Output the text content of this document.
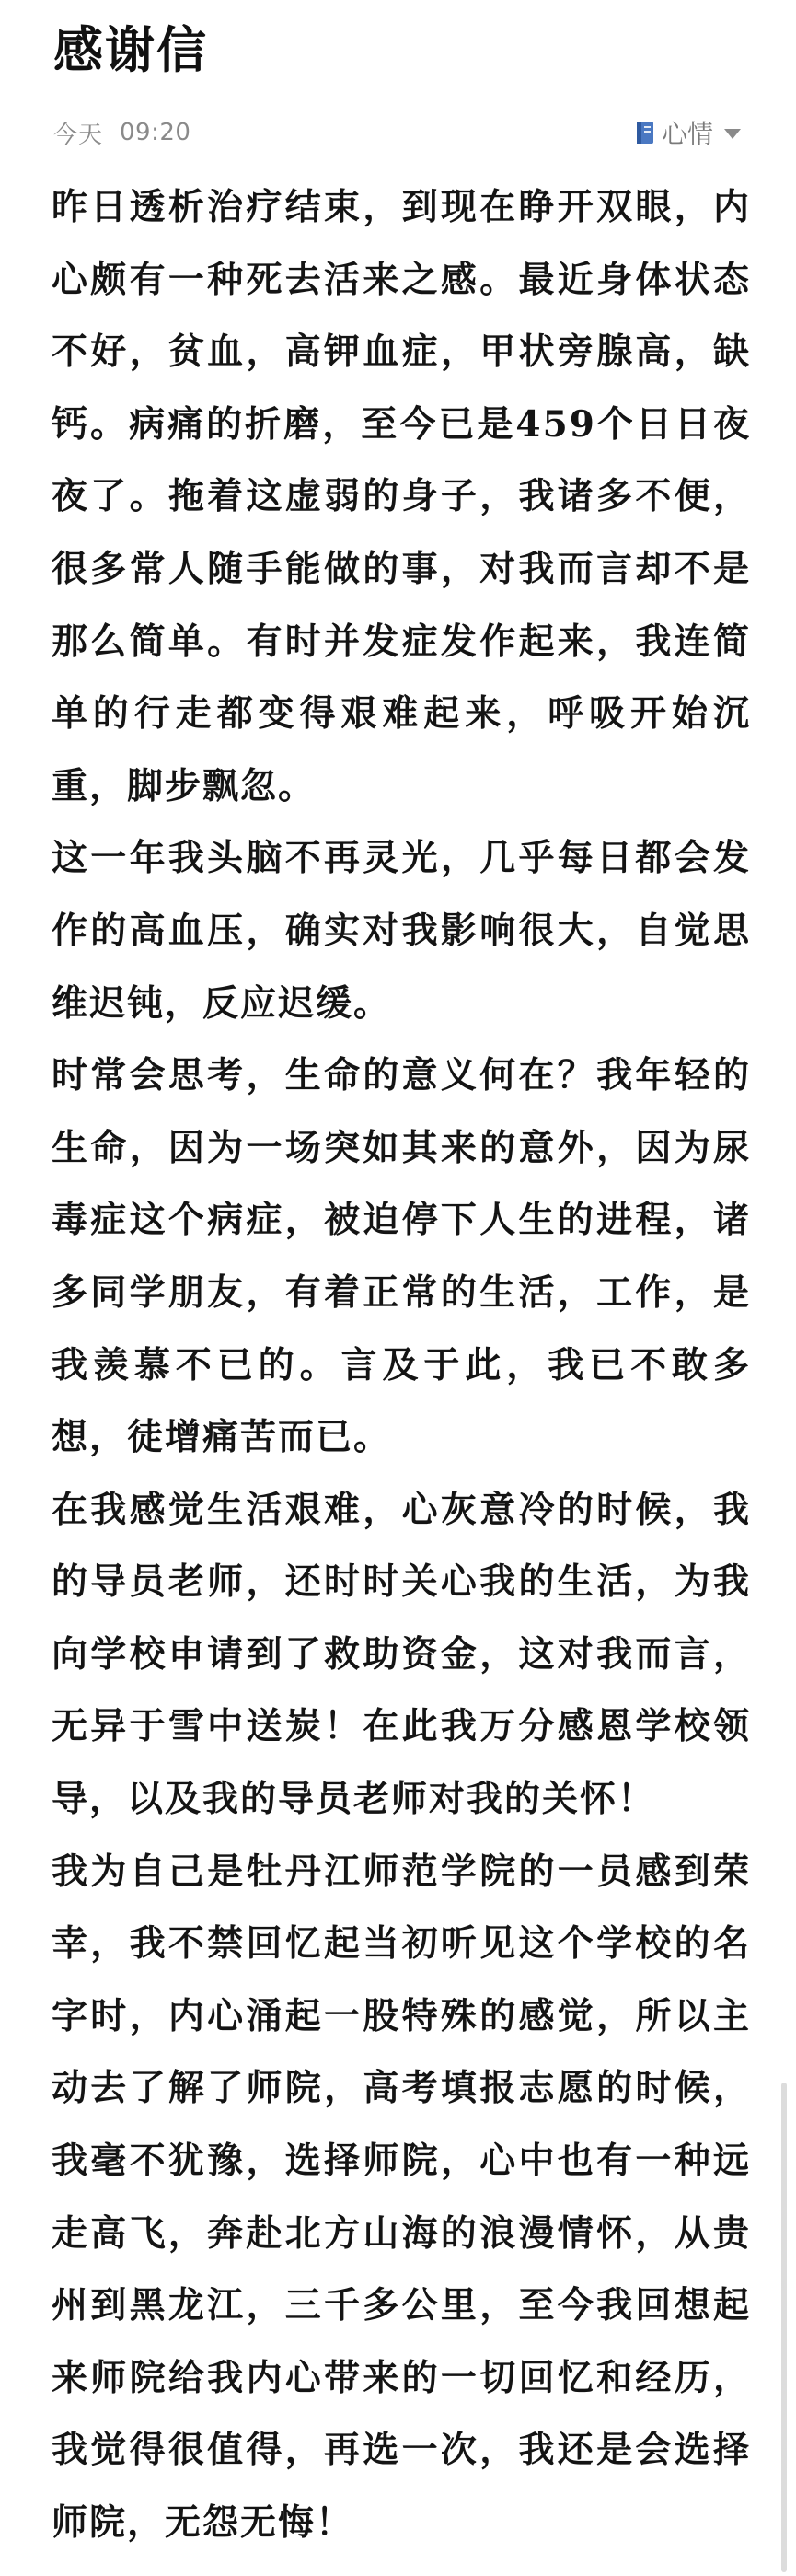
感谢信
今天 09:20	心情

昨日透析治疗结束，到现在睁开双眼，内心颇有一种死去活来之感。最近身体状态不好，贫血，高钾血症，甲状旁腺高，缺钙。病痛的折磨，至今已是459个日日夜夜了。拖着这虚弱的身子，我诸多不便，很多常人随手能做的事，对我而言却不是那么简单。有时并发症发作起来，我连简单的行走都变得艰难起来，呼吸开始沉重，脚步飘忽。

这一年我头脑不再灵光，几乎每日都会发作的高血压，确实对我影响很大，自觉思维迟钝，反应迟缓。

时常会思考，生命的意义何在？我年轻的生命，因为一场突如其来的意外，因为尿毒症这个病症，被迫停下人生的进程，诸多同学朋友，有着正常的生活，工作，是我羡慕不已的。言及于此，我已不敢多想，徒增痛苦而已。

在我感觉生活艰难，心灰意冷的时候，我的导员老师，还时时关心我的生活，为我向学校申请到了救助资金，这对我而言，无异于雪中送炭！在此我万分感恩学校领导，以及我的导员老师对我的关怀！

我为自己是牡丹江师范学院的一员感到荣幸，我不禁回忆起当初听见这个学校的名字时，内心涌起一股特殊的感觉，所以主动去了解了师院，高考填报志愿的时候，我毫不犹豫，选择师院，心中也有一种远走高飞，奔赴北方山海的浪漫情怀，从贵州到黑龙江，三千多公里，至今我回想起来师院给我内心带来的一切回忆和经历，我觉得很值得，再选一次，我还是会选择师院，无怨无悔！
